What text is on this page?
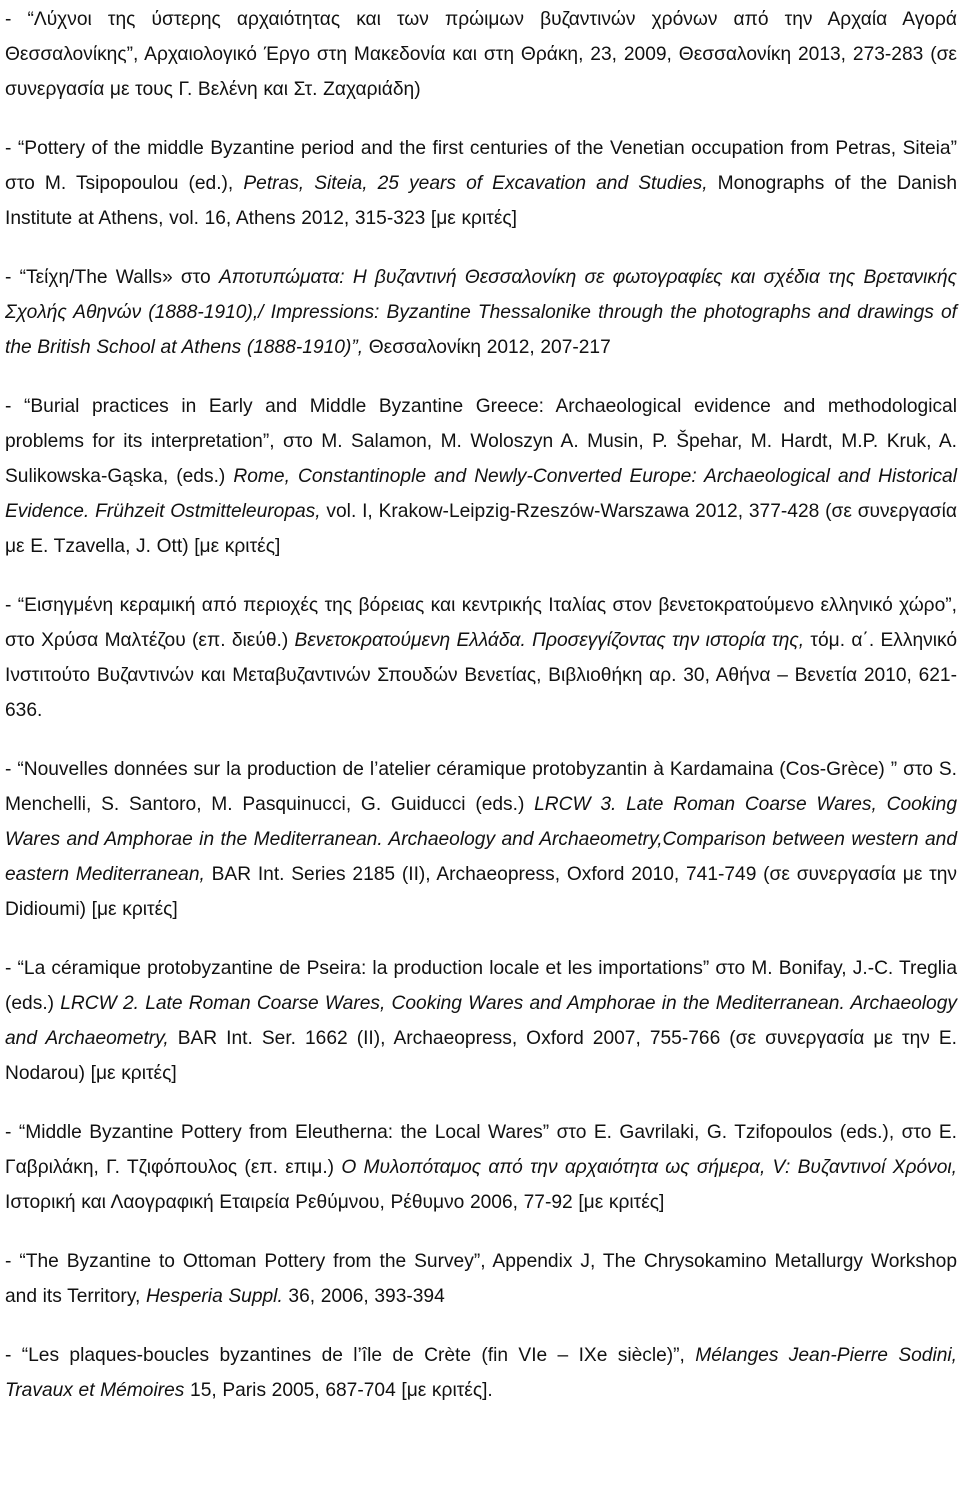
- “Λύχνοι της ύστερης αρχαιότητας και των πρώιμων βυζαντινών χρόνων από την Αρχαία Αγορά Θεσσαλονίκης”, Αρχαιολογικό Έργο στη Μακεδονία και στη Θράκη, 23, 2009, Θεσσαλονίκη 2013, 273-283 (σε συνεργασία με τους Γ. Βελένη και Στ. Ζαχαριάδη)

- “Pottery of the middle Byzantine period and the first centuries of the Venetian occupation from Petras, Siteia” στο M. Tsipopoulou (ed.), Petras, Siteia, 25 years of Excavation and Studies, Monographs of the Danish Institute at Athens, vol. 16, Athens 2012, 315-323 [με κριτές]

- “Τείχη/The Walls» στο Αποτυπώματα: Η βυζαντινή Θεσσαλονίκη σε φωτογραφίες και σχέδια της Βρετανικής Σχολής Αθηνών (1888-1910),/ Impressions: Byzantine Thessalonike through the photographs and drawings of the British School at Athens (1888-1910)”, Θεσσαλονίκη 2012, 207-217

- “Burial practices in Early and Middle Byzantine Greece: Archaeological evidence and methodological problems for its interpretation”, στο M. Salamon, M. Woloszyn A. Musin, P. Špehar, M. Hardt, M.P. Kruk, A. Sulikowska-Gąska, (eds.) Rome, Constantinople and Newly-Converted Europe: Archaeological and Historical Evidence. Frühzeit Ostmitteleuropas, vol. I, Krakow-Leipzig-Rzeszów-Warszawa 2012, 377-428 (σε συνεργασία με E. Tzavella, J. Ott) [με κριτές]

- “Εισηγμένη κεραμική από περιοχές της βόρειας και κεντρικής Ιταλίας στον βενετοκρατούμενο ελληνικό χώρο”, στο Χρύσα Μαλτέζου (επ. διεύθ.) Βενετοκρατούμενη Ελλάδα. Προσεγγίζοντας την ιστορία της, τόμ. α΄. Ελληνικό Ινστιτούτο Βυζαντινών και Μεταβυζαντινών Σπουδών Βενετίας, Βιβλιοθήκη αρ. 30, Αθήνα – Βενετία 2010, 621-636.

- “Nouvelles données sur la production de l’atelier céramique protobyzantin à Kardamaina (Cos-Grèce) ” στο S. Menchelli, S. Santoro, M. Pasquinucci, G. Guiducci (eds.) LRCW 3. Late Roman Coarse Wares, Cooking Wares and Amphorae in the Mediterranean. Archaeology and Archaeometry,Comparison between western and eastern Mediterranean, BAR Int. Series 2185 (II), Archaeopress, Oxford 2010, 741-749 (σε συνεργασία με την Didioumi) [με κριτές]

- “La céramique protobyzantine de Pseira: la production locale et les importations” στο M. Bonifay, J.-C. Treglia (eds.) LRCW 2. Late Roman Coarse Wares, Cooking Wares and Amphorae in the Mediterranean. Archaeology and Archaeometry, BAR Int. Ser. 1662 (II), Archaeopress, Oxford 2007, 755-766 (σε συνεργασία με την E. Nodarou) [με κριτές]

- “Middle Byzantine Pottery from Eleutherna: the Local Wares” στο E. Gavrilaki, G. Tzifopoulos (eds.), στο Ε. Γαβριλάκη, Γ. Τζιφόπουλος (επ. επιμ.) Ο Μυλοπόταμος από την αρχαιότητα ως σήμερα, V: Βυζαντινοί Χρόνοι, Ιστορική και Λαογραφική Εταιρεία Ρεθύμνου, Ρέθυμνο 2006, 77-92 [με κριτές]

- “The Byzantine to Ottoman Pottery from the Survey”, Appendix J, The Chrysokamino Metallurgy Workshop and its Territory, Hesperia Suppl. 36, 2006, 393-394

- “Les plaques-boucles byzantines de l’île de Crète (fin VIe – IXe siècle)”, Mélanges Jean-Pierre Sodini, Travaux et Mémoires 15, Paris 2005, 687-704 [με κριτές].
